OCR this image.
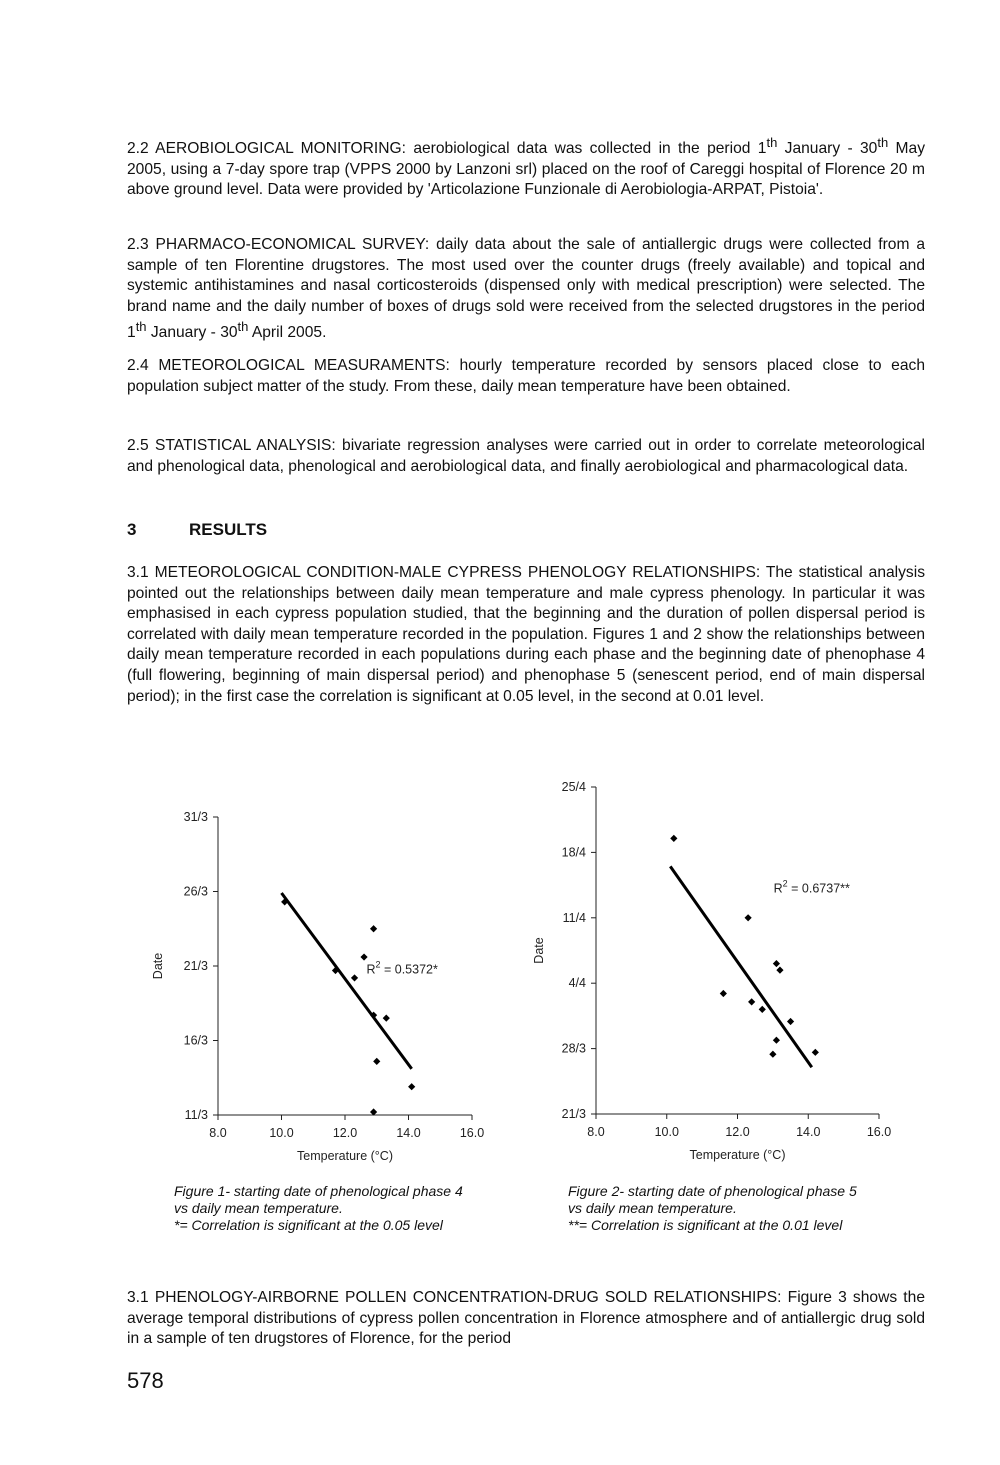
2.2 AEROBIOLOGICAL MONITORING: aerobiological data was collected in the period 1th January - 30th May 2005, using a 7-day spore trap (VPPS 2000 by Lanzoni srl) placed on the roof of Careggi hospital of Florence 20 m above ground level. Data were provided by 'Articolazione Funzionale di Aerobiologia-ARPAT, Pistoia'.

2.3 PHARMACO-ECONOMICAL SURVEY: daily data about the sale of antiallergic drugs were collected from a sample of ten Florentine drugstores. The most used over the counter drugs (freely available) and topical and systemic antihistamines and nasal corticosteroids (dispensed only with medical prescription) were selected. The brand name and the daily number of boxes of drugs sold were received from the selected drugstores in the period 1th January - 30th April 2005.

2.4 METEOROLOGICAL MEASURAMENTS: hourly temperature recorded by sensors placed close to each population subject matter of the study. From these, daily mean temperature have been obtained.

2.5 STATISTICAL ANALYSIS: bivariate regression analyses were carried out in order to correlate meteorological and phenological data, phenological and aerobiological data, and finally aerobiological and pharmacological data.

3	RESULTS

3.1 METEOROLOGICAL CONDITION-MALE CYPRESS PHENOLOGY RELATIONSHIPS: The statistical analysis pointed out the relationships between daily mean temperature and male cypress phenology. In particular it was emphasised in each cypress population studied, that the beginning and the duration of pollen dispersal period is correlated with daily mean temperature recorded in the population. Figures 1 and 2 show the relationships between daily mean temperature recorded in each populations during each phase and the beginning date of phenophase 4 (full flowering, beginning of main dispersal period) and phenophase 5 (senescent period, end of main dispersal period); in the first case the correlation is significant at 0.05 level, in the second at 0.01 level.

11/3
16/3
21/3
26/3
31/3
8.0	10.0	12.0	14.0	16.0
Temperature (°C)
Date	$R^2 = 0.5372*$
21/3
28/3
4/4
11/4
18/4
25/4
8.0	10.0	12.0	14.0	16.0
Temperature (°C)
Date
$R^2 = 0.6737**$

Figure 1- starting date of phenological phase 4
vs daily mean temperature.
*= Correlation is significant at the 0.05 level

Figure 2- starting date of phenological phase 5
vs daily mean temperature.
**= Correlation is significant at the 0.01 level

3.1 PHENOLOGY-AIRBORNE POLLEN CONCENTRATION-DRUG SOLD RELATIONSHIPS: Figure 3 shows the average temporal distributions of cypress pollen concentration in Florence atmosphere and of antiallergic drug sold in a sample of ten drugstores of Florence, for the period

578
